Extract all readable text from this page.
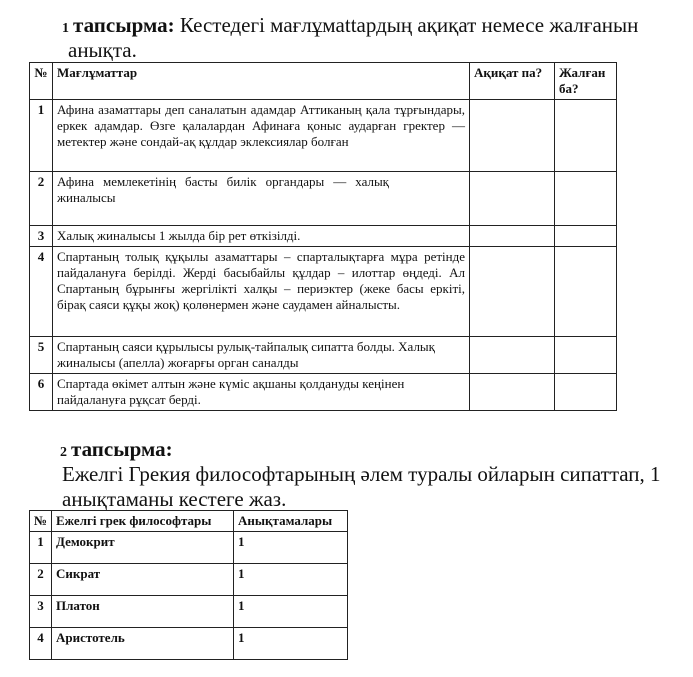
1 тапсырма: Кестедегі мағлұмattардың ақиқат немесе жалғанын
анықта.
№	Мағлұматтар	Ақиқат па?	Жалған ба?
1	Афина азаматтары деп саналатын адамдар Аттиканың қала тұрғындары, еркек адамдар. Өзге қалалардан Афинаға қоныс аударған гректер — метектер және сондай-ақ құлдар эклексиялар болған		
2	Афина мемлекетінің басты билік органдары — халық жиналысы		
3	Халық жиналысы 1 жылда бір рет өткізілді.		
4	Спартаның толық құқылы азаматтары – спарталықтарға мұра ретінде пайдалануға берілді. Жерді басыбайлы құлдар – илоттар өңдеді. Ал Спартаның бұрынғы жергілікті халқы – периэктер (жеке басы еркіті, бірақ саяси құқы жоқ) қолөнермен және саудамен айналысты.		
5	Спартаның саяси құрылысы рулық-тайпалық сипатта болды. Халық жиналысы (апелла) жоғарғы орган саналды		
6	Спартада өкімет алтын және күміс ақшаны қолдануды кеңінен пайдалануға рұқсат берді.		
2 тапсырма:
Ежелгі Грекия философтарының әлем туралы ойларын сипаттап, 1
анықтаманы кестеге жаз.
№	Ежелгі грек философтары	Анықтамалары
1	Демокрит	1
2	Сикрат	1
3	Платон	1
4	Аристотель	1
